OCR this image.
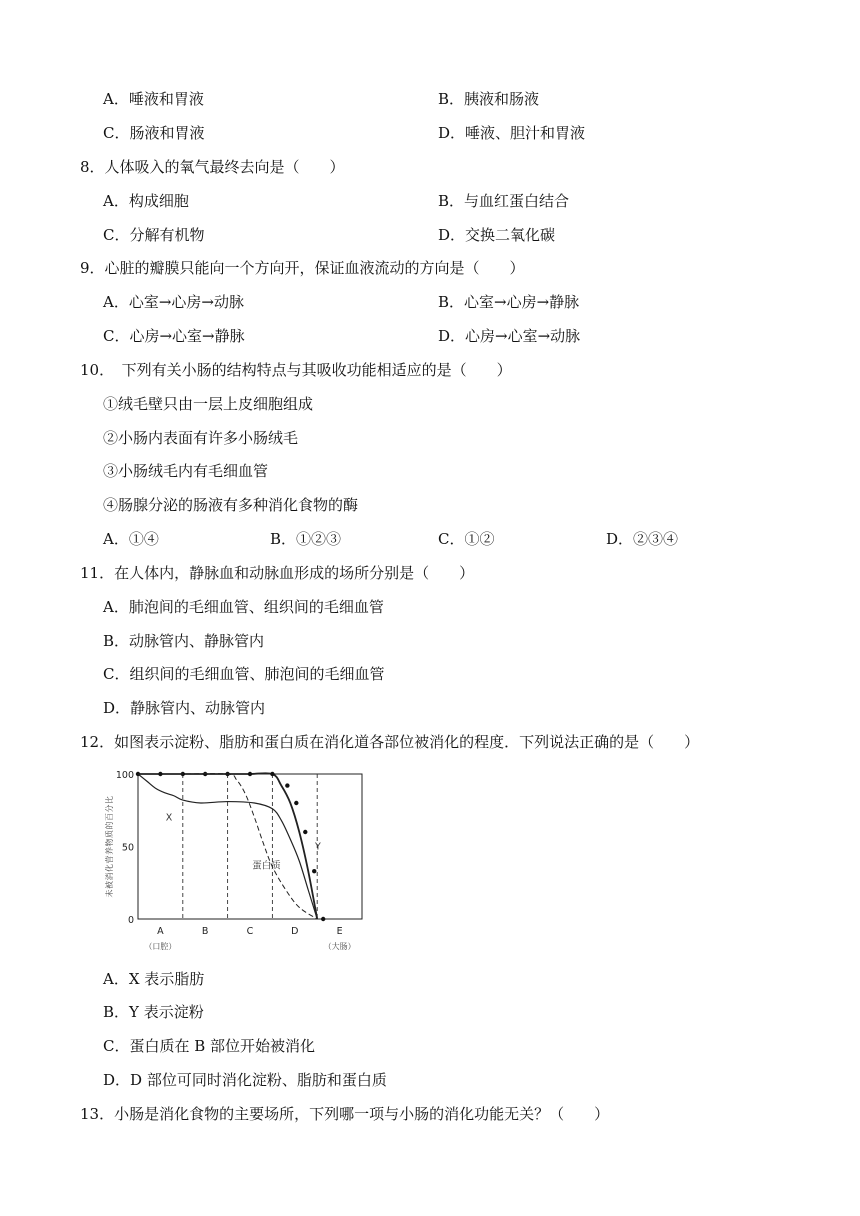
A．唾液和胃液	B．胰液和肠液
C．肠液和胃液	D．唾液、胆汁和胃液
8．人体吸入的氧气最终去向是（　　）
A．构成细胞	B．与血红蛋白结合
C．分解有机物	D．交换二氧化碳
9．心脏的瓣膜只能向一个方向开，保证血液流动的方向是（　　）
A．心室→心房→动脉	B．心室→心房→静脉
C．心房→心室→静脉	D．心房→心室→动脉
10．　下列有关小肠的结构特点与其吸收功能相适应的是（　　）
①绒毛壁只由一层上皮细胞组成
②小肠内表面有许多小肠绒毛
③小肠绒毛内有毛细血管
④肠腺分泌的肠液有多种消化食物的酶
A．①④	B．①②③	C．①②	D．②③④
11．在人体内，静脉血和动脉血形成的场所分别是（　　）
A．肺泡间的毛细血管、组织间的毛细血管
B．动脉管内、静脉管内
C．组织间的毛细血管、肺泡间的毛细血管
D．静脉管内、动脉管内
12．如图表示淀粉、脂肪和蛋白质在消化道各部位被消化的程度．下列说法正确的是（　　）
100
50
0
未被消化营养物质的百分比
A
（口腔）
B	C	D	E
（大肠）
X
Y
蛋白质
A．X 表示脂肪
B．Y 表示淀粉
C．蛋白质在 B 部位开始被消化
D．D 部位可同时消化淀粉、脂肪和蛋白质
13．小肠是消化食物的主要场所，下列哪一项与小肠的消化功能无关？（　　）
